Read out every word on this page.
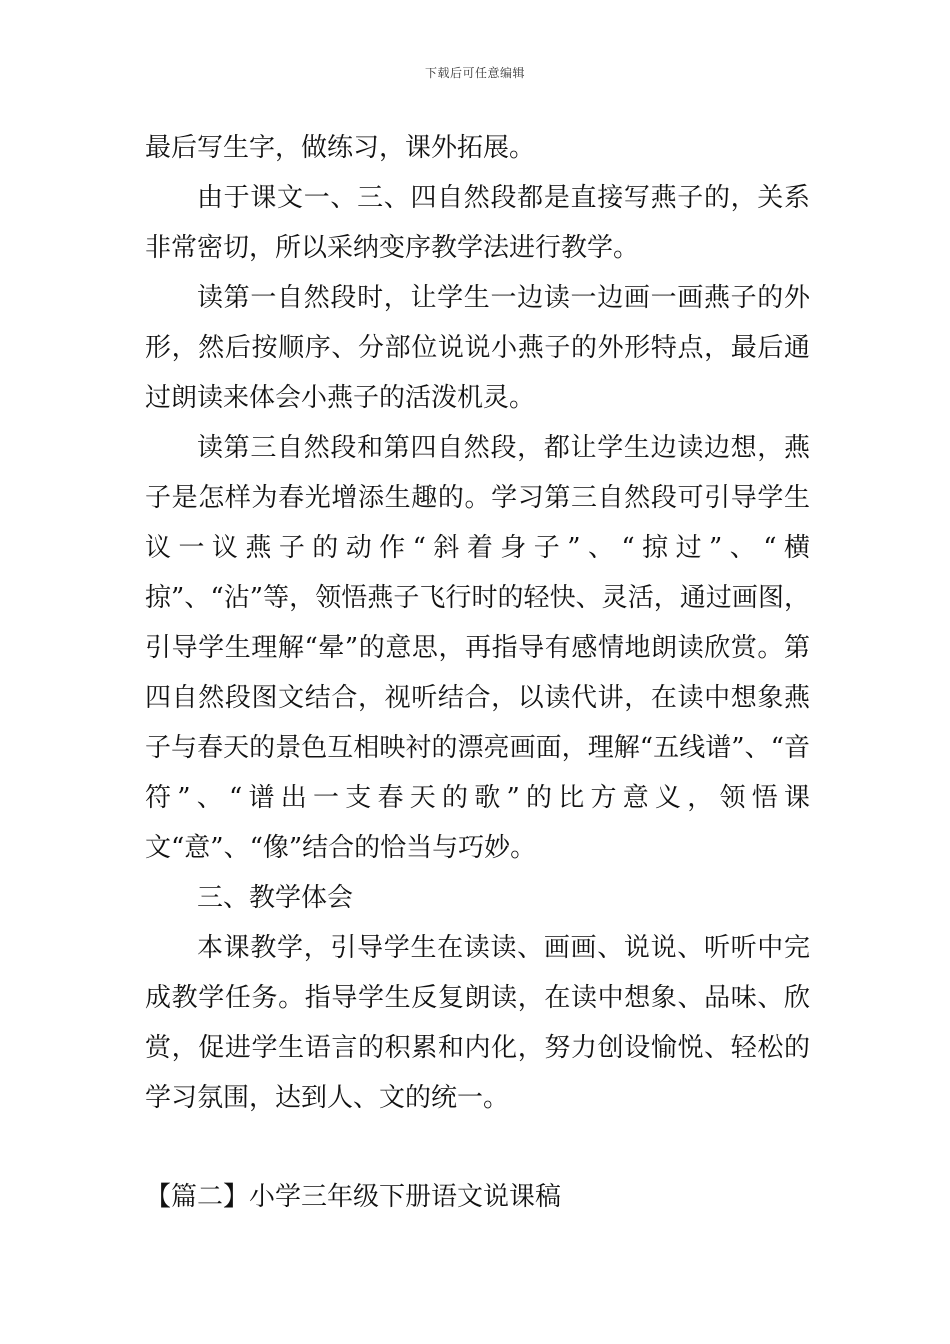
下载后可任意编辑

最后写生字，做练习，课外拓展。

由于课文一、三、四自然段都是直接写燕子的，关系非常密切，所以采纳变序教学法进行教学。

读第一自然段时，让学生一边读一边画一画燕子的外形，然后按顺序、分部位说说小燕子的外形特点，最后通过朗读来体会小燕子的活泼机灵。

读第三自然段和第四自然段，都让学生边读边想，燕子是怎样为春光增添生趣的。学习第三自然段可引导学生议一议燕子的动作“斜着身子”、“掠过”、“横掠”、“沾”等，领悟燕子飞行时的轻快、灵活，通过画图，引导学生理解“晕”的意思，再指导有感情地朗读欣赏。第四自然段图文结合，视听结合，以读代讲，在读中想象燕子与春天的景色互相映衬的漂亮画面，理解“五线谱”、“音符”、“谱出一支春天的歌”的比方意义，领悟课文“意”、“像”结合的恰当与巧妙。

三、教学体会

本课教学，引导学生在读读、画画、说说、听听中完成教学任务。指导学生反复朗读，在读中想象、品味、欣赏，促进学生语言的积累和内化，努力创设愉悦、轻松的学习氛围，达到人、文的统一。

【篇二】小学三年级下册语文说课稿
